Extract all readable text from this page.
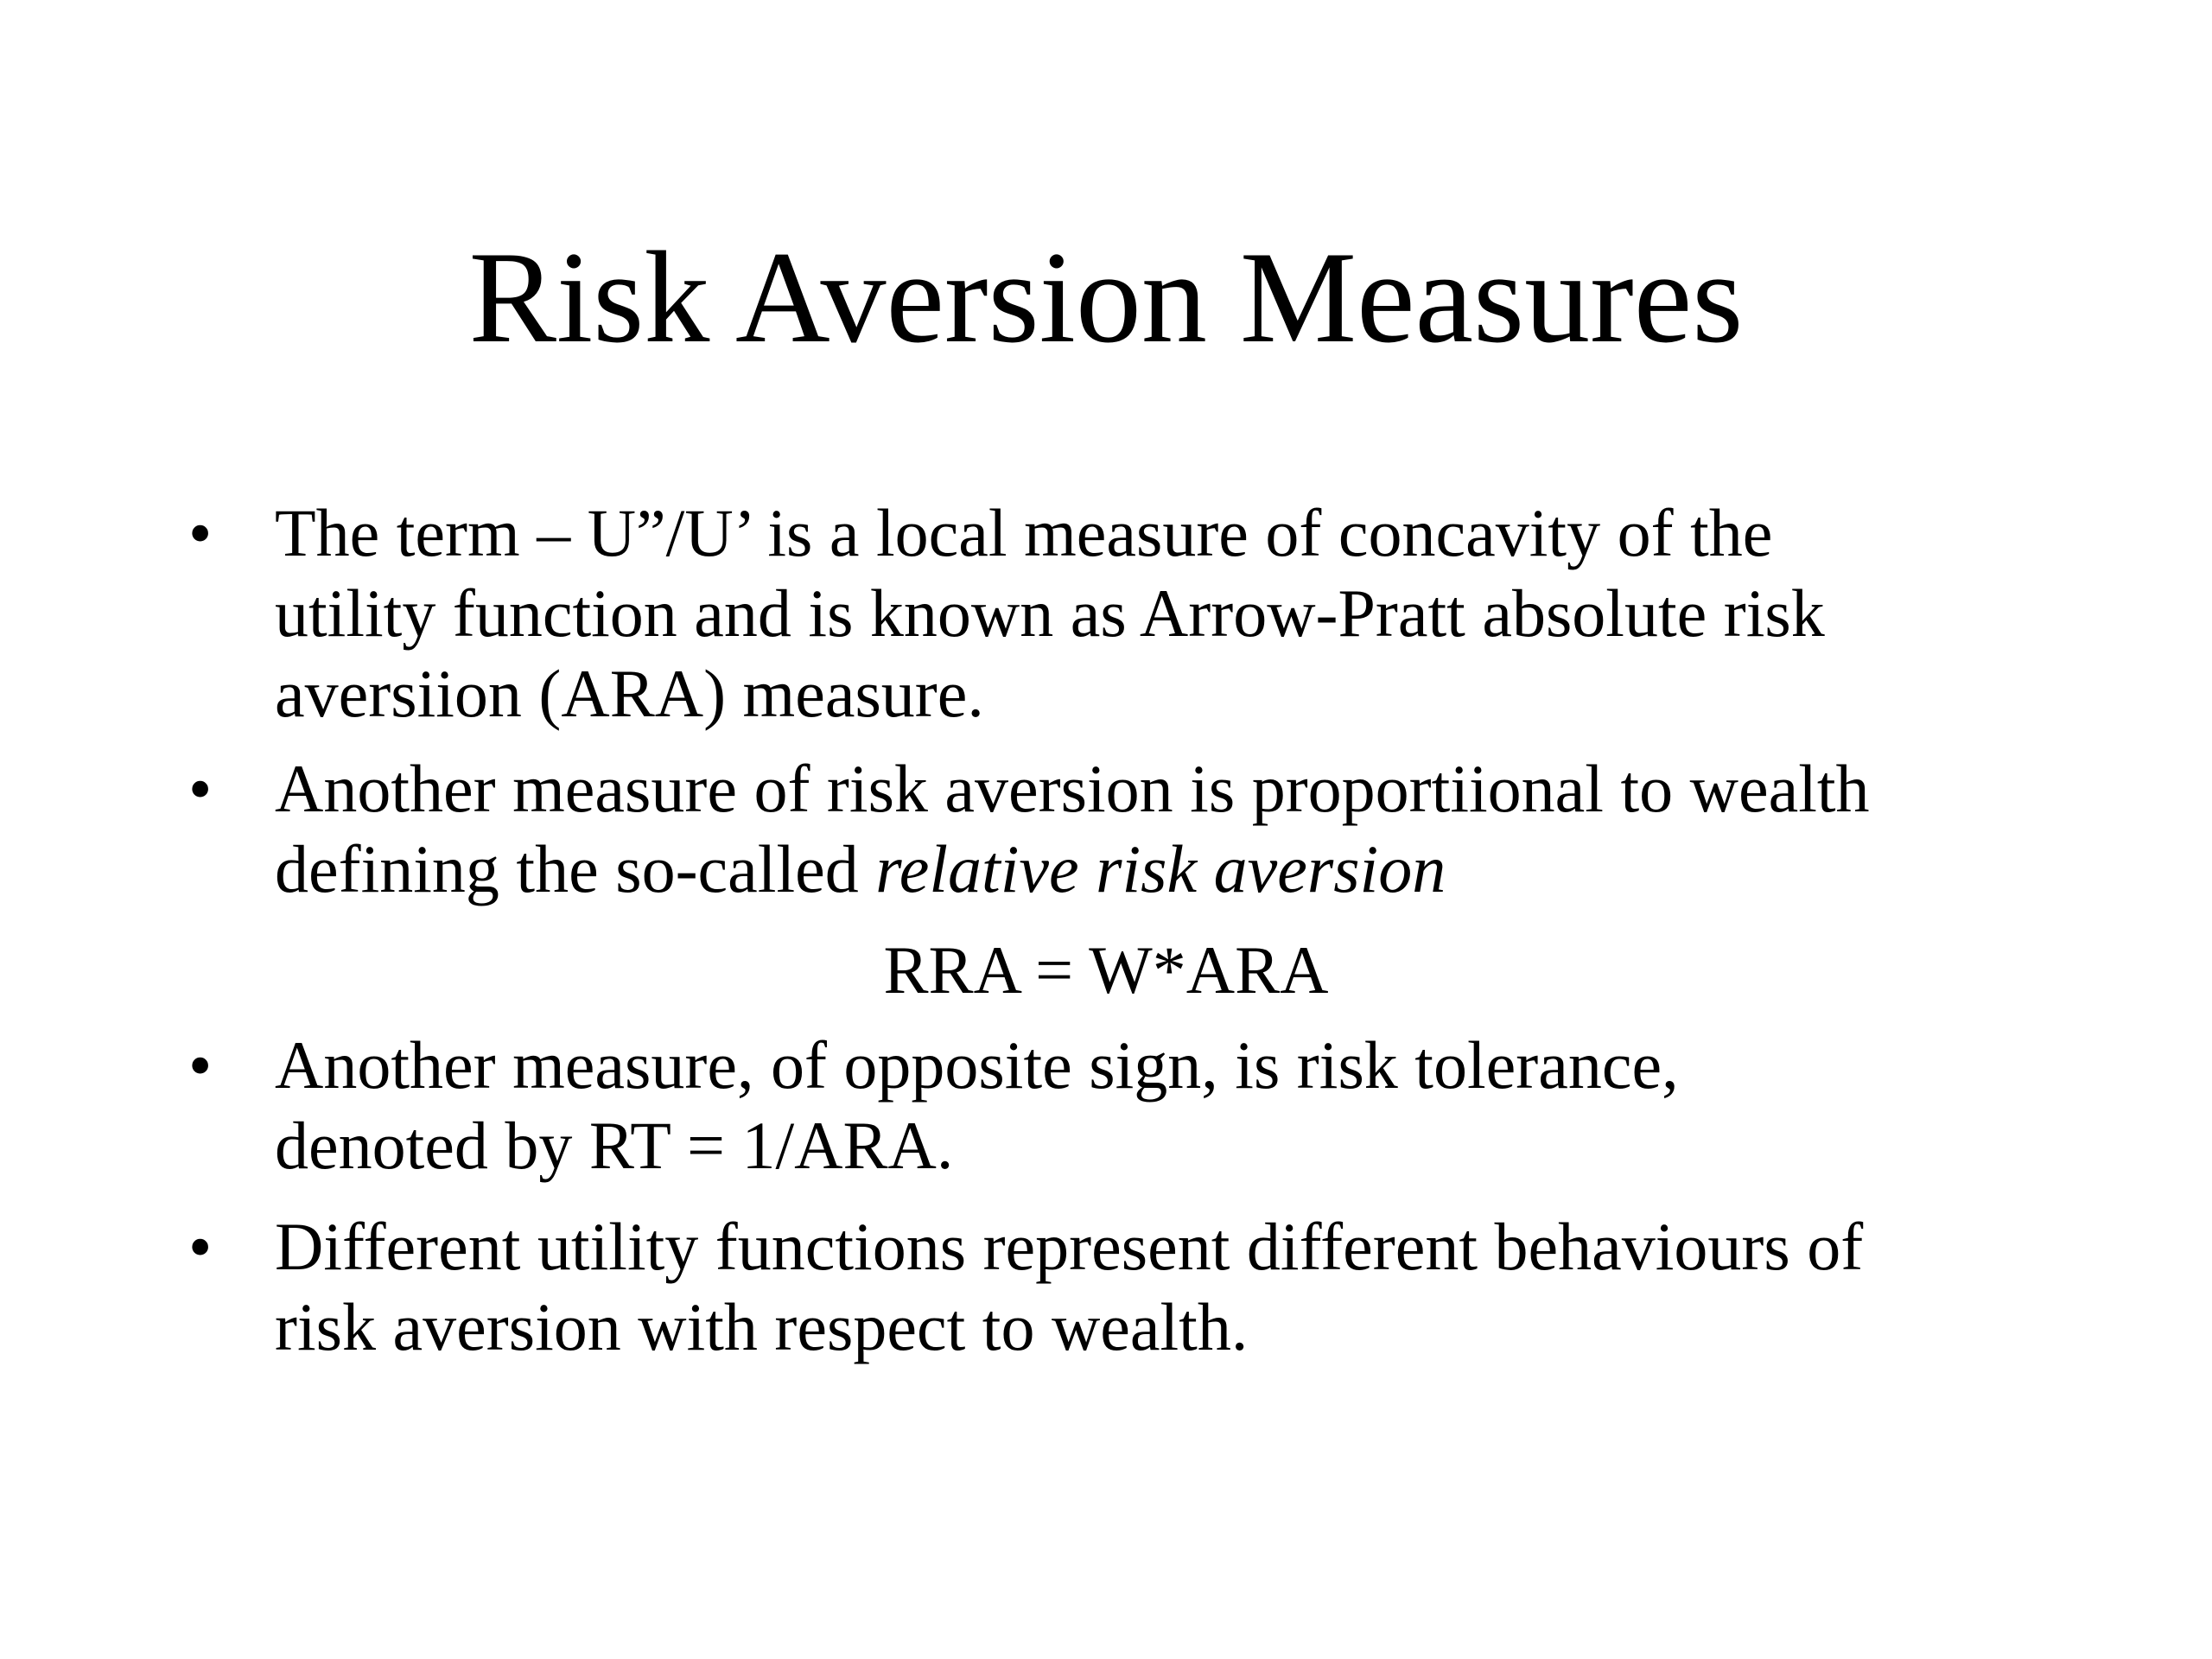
Risk Aversion Measures
• The term – U”/U’ is a local measure of concavity of the
utility function and is known as Arrow-Pratt absolute risk
aversiion (ARA) measure.
• Another measure of risk aversion is proportiional to wealth
defining the so-called relative risk aversion
RRA = W*ARA
• Another measure, of opposite sign, is risk tolerance,
denoted by RT = 1/ARA.
• Different utility functions represent different behaviours of
risk aversion with respect to wealth.
